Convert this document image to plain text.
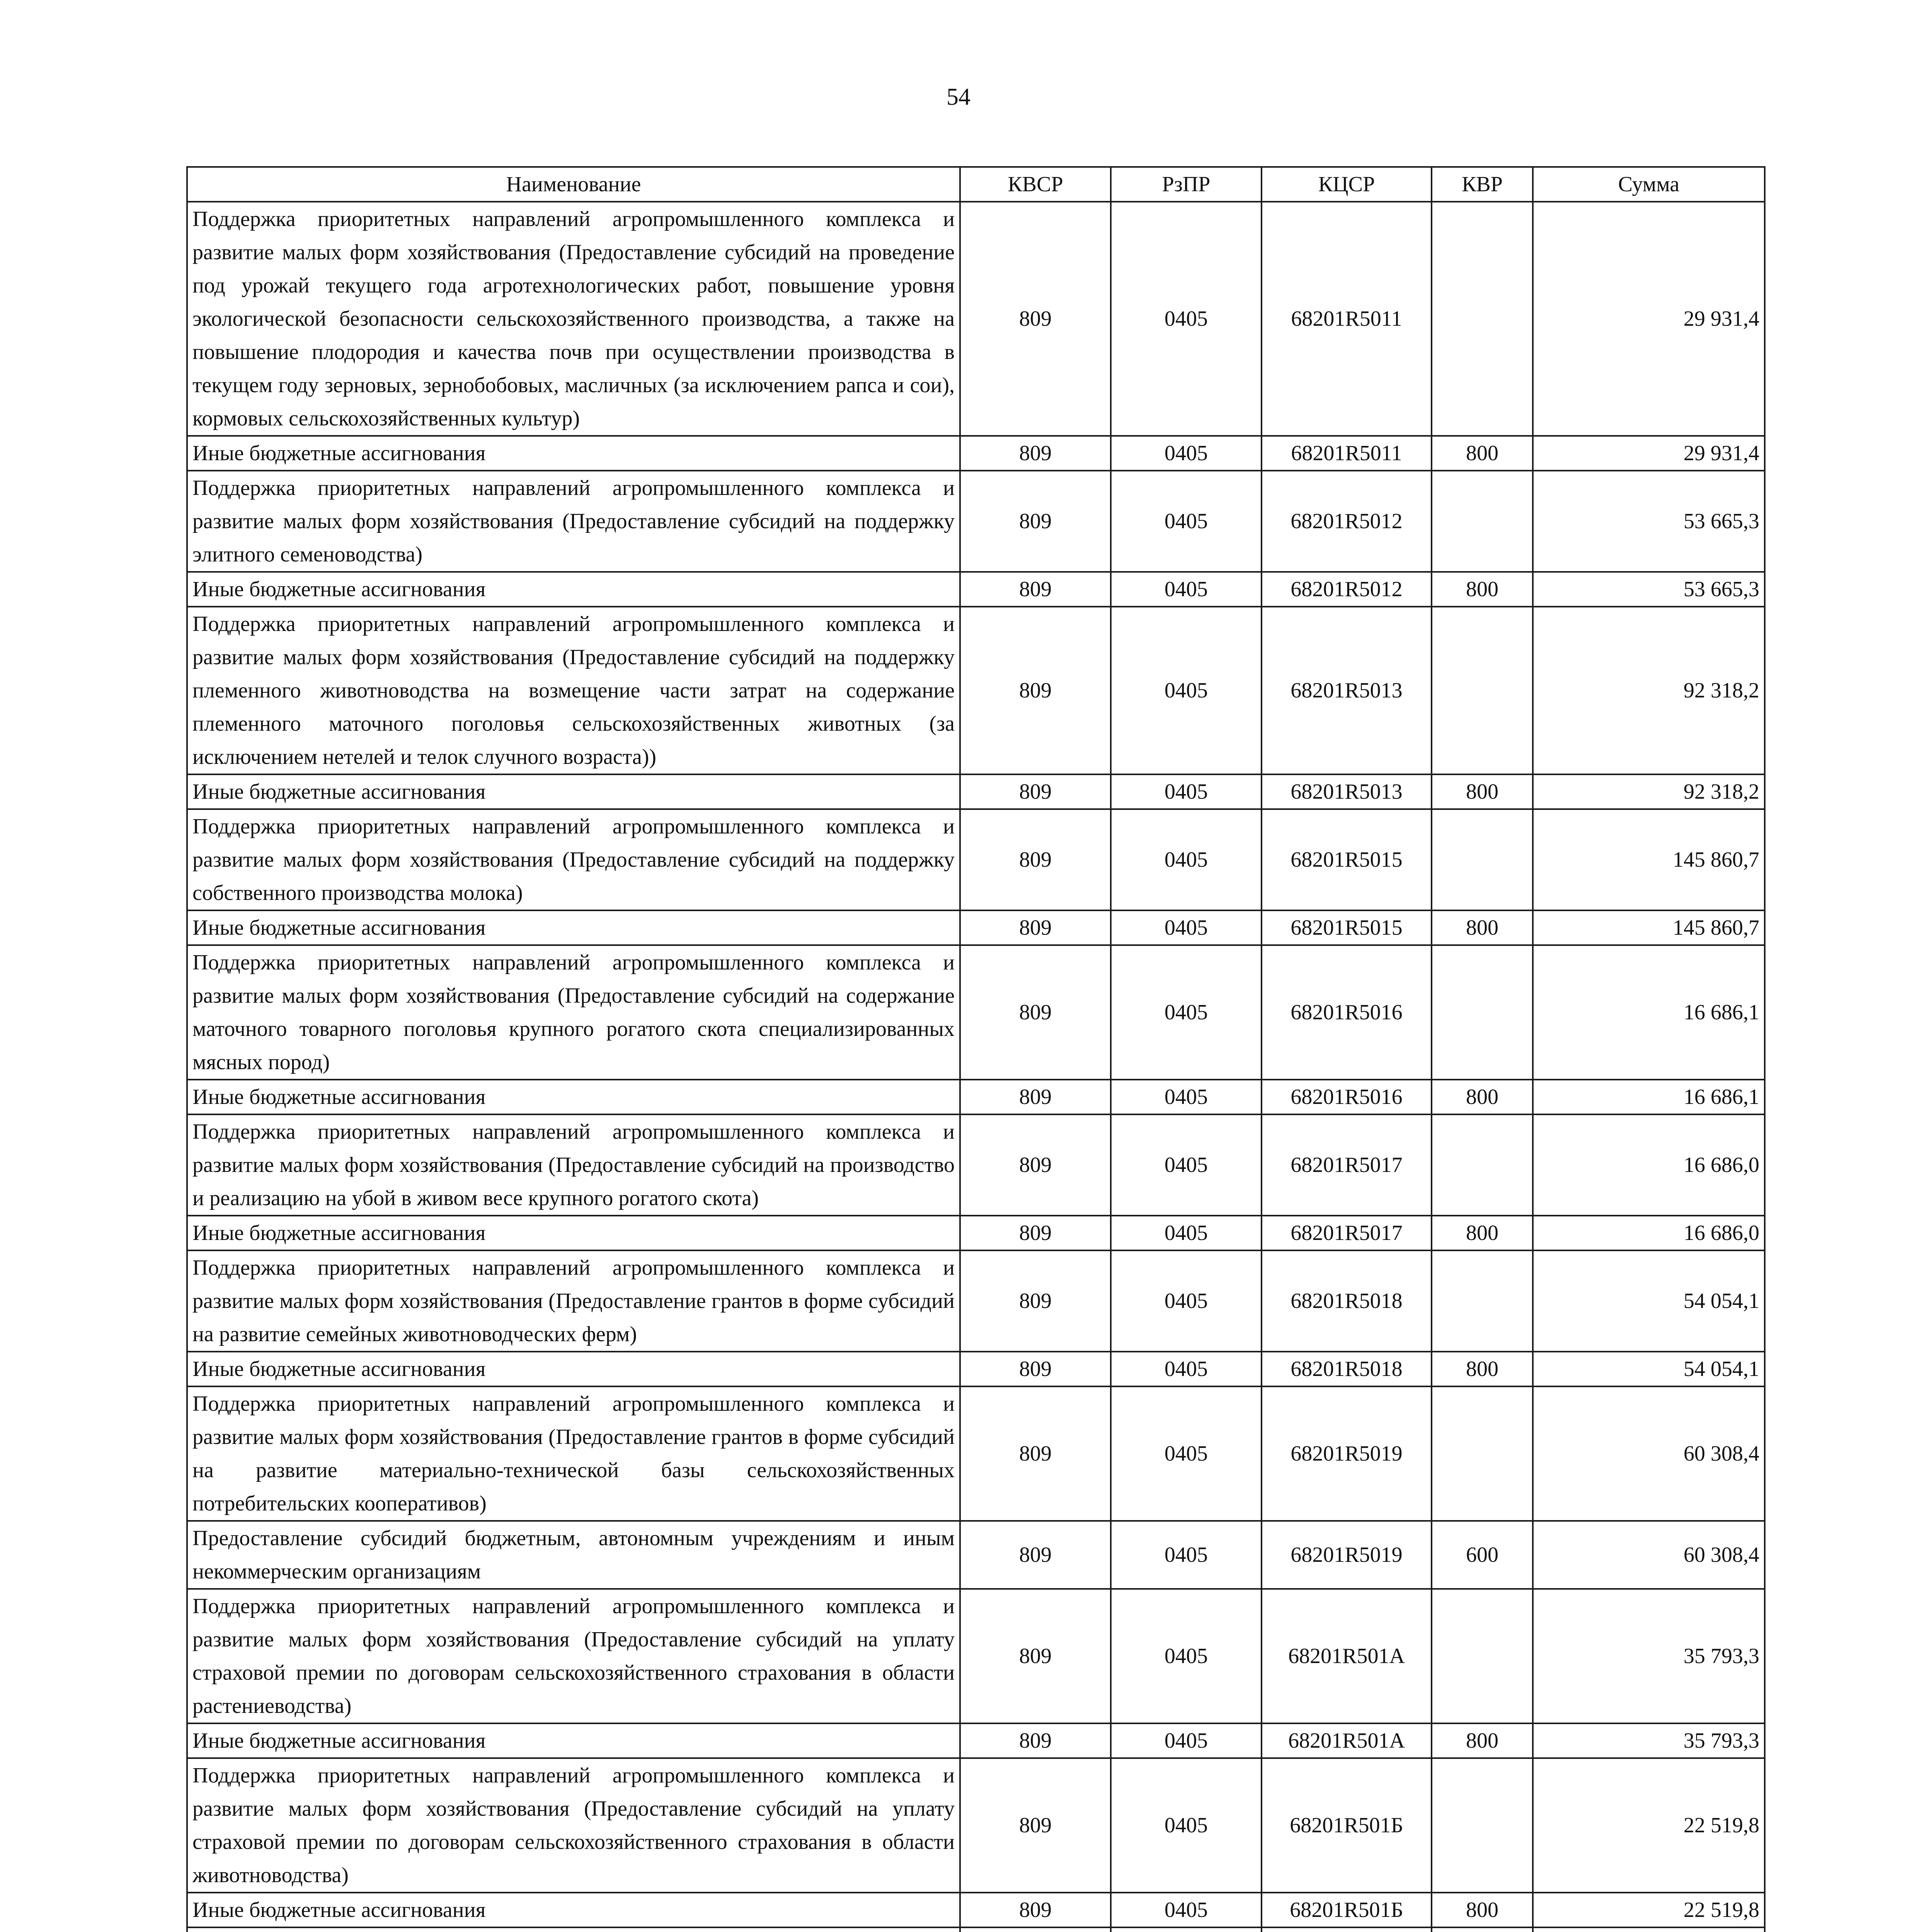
54
Наименование	КВСР	РзПР	КЦСР	КВР	Сумма
Поддержка приоритетных направлений агропромышленного комплекса и развитие малых форм хозяйствования (Предоставление субсидий на проведение под урожай текущего года агротехнологических работ, повышение уровня экологической безопасности сельскохозяйственного производства, а также на повышение плодородия и качества почв при осуществлении производства в текущем году зерновых, зернобобовых, масличных (за исключением рапса и сои), кормовых сельскохозяйственных культур)	809	0405	68201R5011		29 931,4
Иные бюджетные ассигнования	809	0405	68201R5011	800	29 931,4
Поддержка приоритетных направлений агропромышленного комплекса и развитие малых форм хозяйствования (Предоставление субсидий на поддержку элитного семеноводства)	809	0405	68201R5012		53 665,3
Иные бюджетные ассигнования	809	0405	68201R5012	800	53 665,3
Поддержка приоритетных направлений агропромышленного комплекса и развитие малых форм хозяйствования (Предоставление субсидий на поддержку племенного животноводства на возмещение части затрат на содержание племенного маточного поголовья сельскохозяйственных животных (за исключением нетелей и телок случного возраста))	809	0405	68201R5013		92 318,2
Иные бюджетные ассигнования	809	0405	68201R5013	800	92 318,2
Поддержка приоритетных направлений агропромышленного комплекса и развитие малых форм хозяйствования (Предоставление субсидий на поддержку собственного производства молока)	809	0405	68201R5015		145 860,7
Иные бюджетные ассигнования	809	0405	68201R5015	800	145 860,7
Поддержка приоритетных направлений агропромышленного комплекса и развитие малых форм хозяйствования (Предоставление субсидий на содержание маточного товарного поголовья крупного рогатого скота специализированных мясных пород)	809	0405	68201R5016		16 686,1
Иные бюджетные ассигнования	809	0405	68201R5016	800	16 686,1
Поддержка приоритетных направлений агропромышленного комплекса и развитие малых форм хозяйствования (Предоставление субсидий на производство и реализацию на убой в живом весе крупного рогатого скота)	809	0405	68201R5017		16 686,0
Иные бюджетные ассигнования	809	0405	68201R5017	800	16 686,0
Поддержка приоритетных направлений агропромышленного комплекса и развитие малых форм хозяйствования (Предоставление грантов в форме субсидий на развитие семейных животноводческих ферм)	809	0405	68201R5018		54 054,1
Иные бюджетные ассигнования	809	0405	68201R5018	800	54 054,1
Поддержка приоритетных направлений агропромышленного комплекса и развитие малых форм хозяйствования (Предоставление грантов в форме субсидий на развитие материально-технической базы сельскохозяйственных потребительских кооперативов)	809	0405	68201R5019		60 308,4
Предоставление субсидий бюджетным, автономным учреждениям и иным некоммерческим организациям	809	0405	68201R5019	600	60 308,4
Поддержка приоритетных направлений агропромышленного комплекса и развитие малых форм хозяйствования (Предоставление субсидий на уплату страховой премии по договорам сельскохозяйственного страхования в области растениеводства)	809	0405	68201R501A		35 793,3
Иные бюджетные ассигнования	809	0405	68201R501A	800	35 793,3
Поддержка приоритетных направлений агропромышленного комплекса и развитие малых форм хозяйствования (Предоставление субсидий на уплату страховой премии по договорам сельскохозяйственного страхования в области животноводства)	809	0405	68201R501Б		22 519,8
Иные бюджетные ассигнования	809	0405	68201R501Б	800	22 519,8
